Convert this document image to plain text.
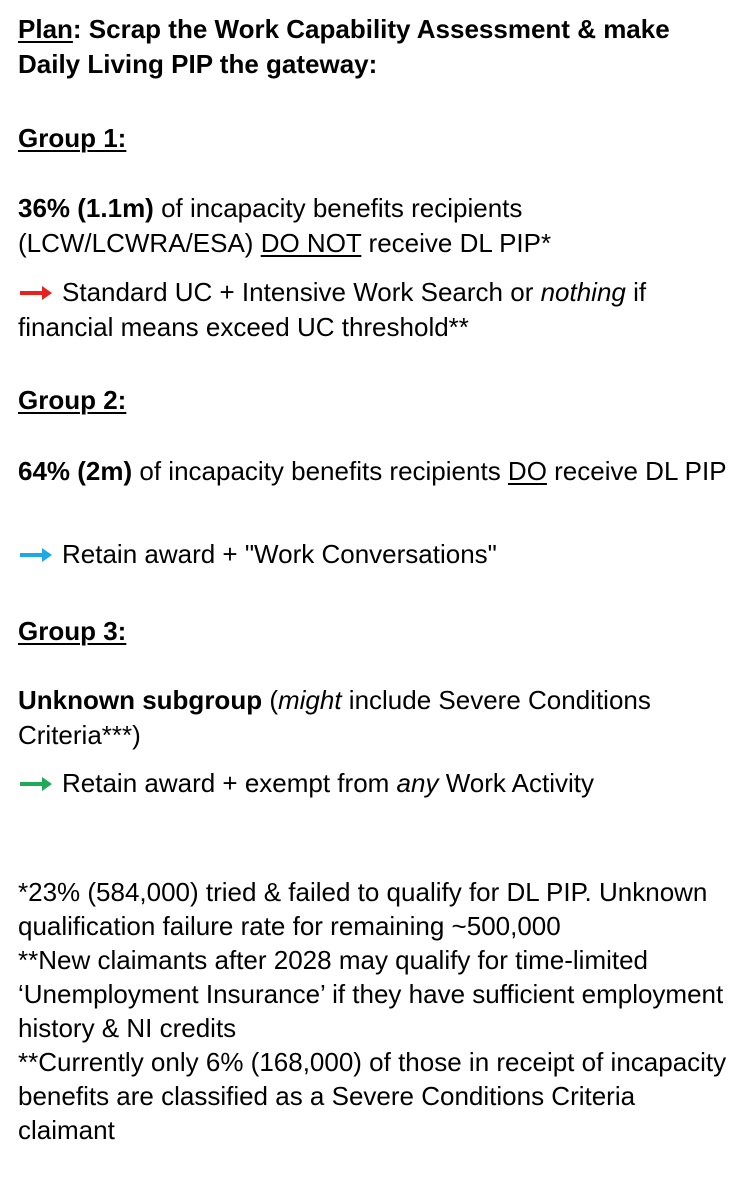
Plan: Scrap the Work Capability Assessment & make Daily Living PIP the gateway:

Group 1:

36% (1.1m) of incapacity benefits recipients (LCW/LCWRA/ESA) DO NOT receive DL PIP*

Standard UC + Intensive Work Search or nothing if financial means exceed UC threshold**

Group 2:

64% (2m) of incapacity benefits recipients DO receive DL PIP

Retain award + "Work Conversations"

Group 3:

Unknown subgroup (might include Severe Conditions Criteria***)

Retain award + exempt from any Work Activity

*23% (584,000) tried & failed to qualify for DL PIP. Unknown qualification failure rate for remaining ~500,000

**New claimants after 2028 may qualify for time-limited ‘Unemployment Insurance’ if they have sufficient employment history & NI credits

**Currently only 6% (168,000) of those in receipt of incapacity benefits are classified as a Severe Conditions Criteria claimant
